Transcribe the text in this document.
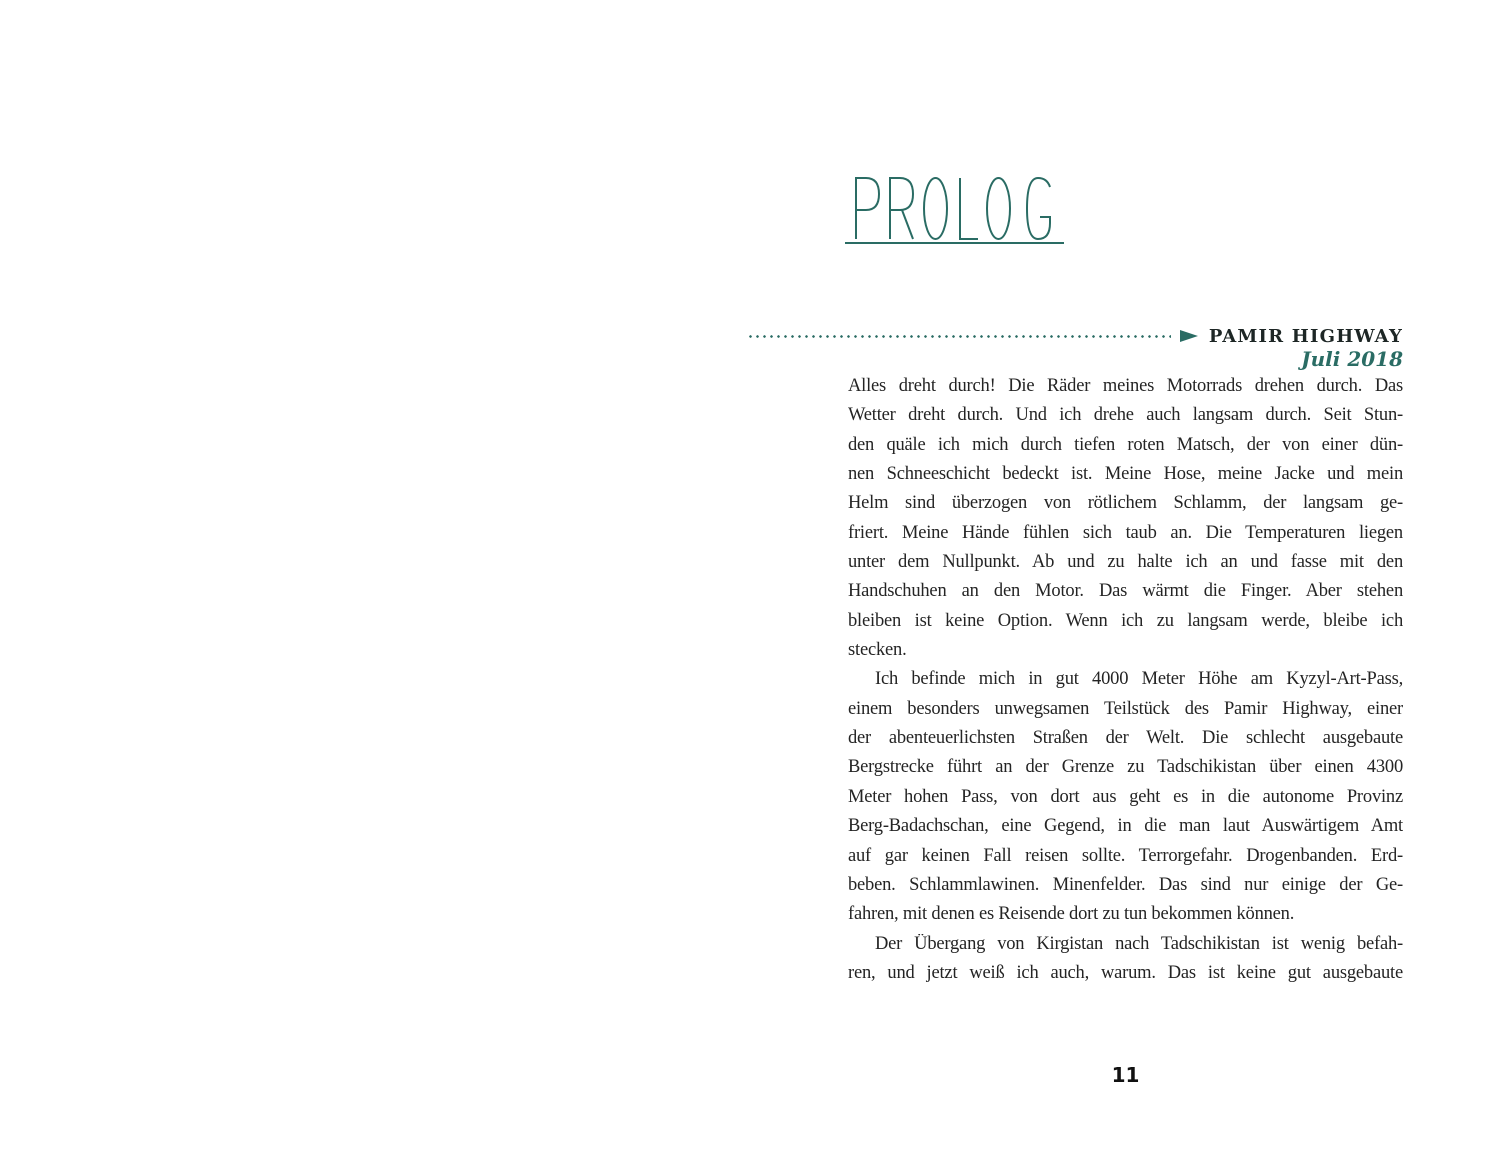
PAMIR HIGHWAY
Juli 2018
Alles dreht durch! Die Räder meines Motorrads drehen durch. Das
Wetter dreht durch. Und ich drehe auch langsam durch. Seit Stun-
den quäle ich mich durch tiefen roten Matsch, der von einer dün-
nen Schneeschicht bedeckt ist. Meine Hose, meine Jacke und mein
Helm sind überzogen von rötlichem Schlamm, der langsam ge-
friert. Meine Hände fühlen sich taub an. Die Temperaturen liegen
unter dem Nullpunkt. Ab und zu halte ich an und fasse mit den
Handschuhen an den Motor. Das wärmt die Finger. Aber stehen
bleiben ist keine Option. Wenn ich zu langsam werde, bleibe ich
stecken.
Ich befinde mich in gut 4000 Meter Höhe am Kyzyl-Art-Pass,
einem besonders unwegsamen Teilstück des Pamir Highway, einer
der abenteuerlichsten Straßen der Welt. Die schlecht ausgebaute
Bergstrecke führt an der Grenze zu Tadschikistan über einen 4300
Meter hohen Pass, von dort aus geht es in die autonome Provinz
Berg-Badachschan, eine Gegend, in die man laut Auswärtigem Amt
auf gar keinen Fall reisen sollte. Terrorgefahr. Drogenbanden. Erd-
beben. Schlammlawinen. Minenfelder. Das sind nur einige der Ge-
fahren, mit denen es Reisende dort zu tun bekommen können.
Der Übergang von Kirgistan nach Tadschikistan ist wenig befah-
ren, und jetzt weiß ich auch, warum. Das ist keine gut ausgebaute
11
